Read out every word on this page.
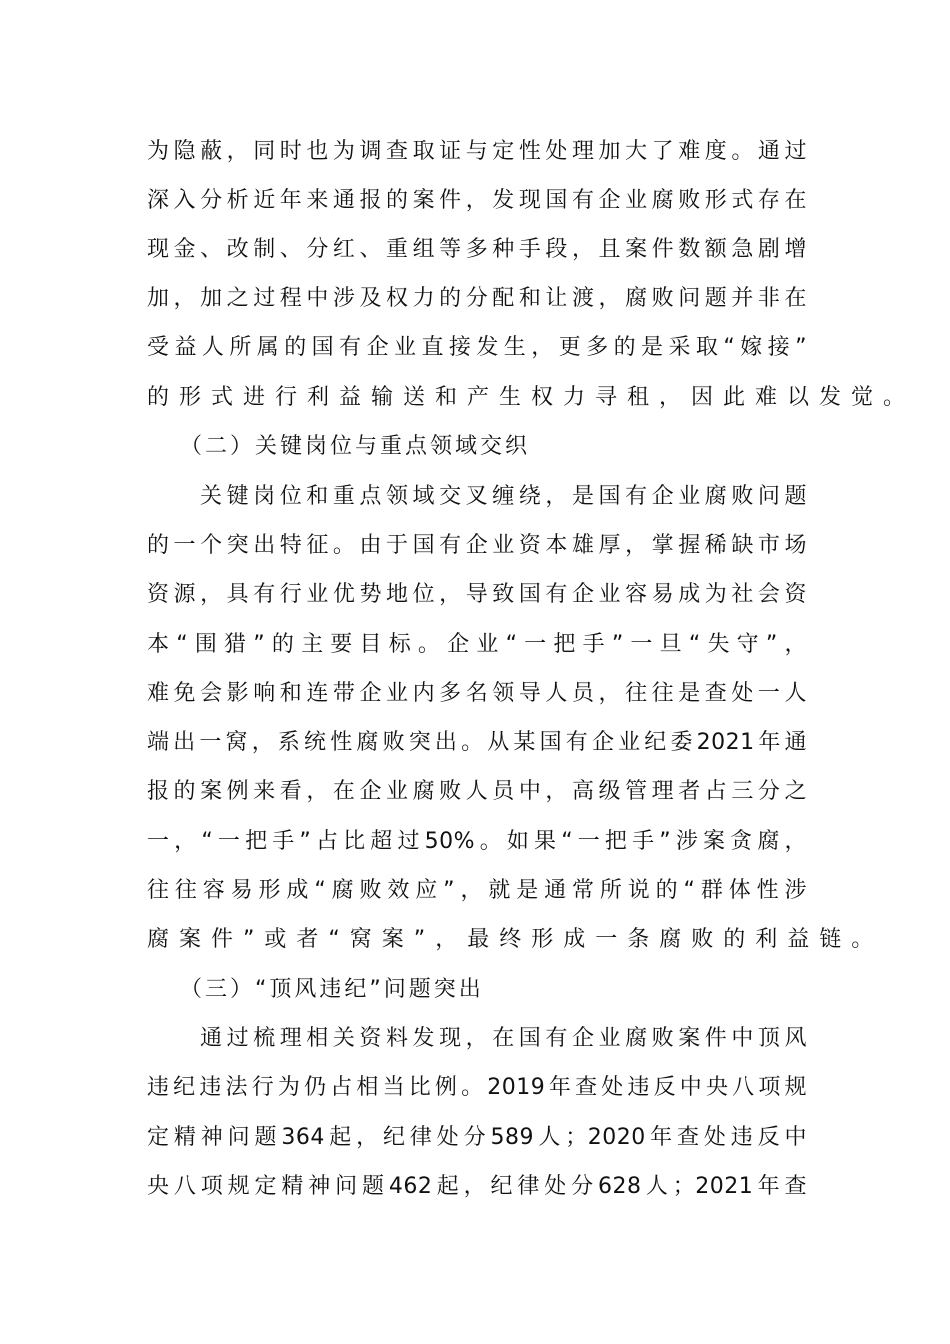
为隐蔽，同时也为调查取证与定性处理加大了难度。通过
深入分析近年来通报的案件，发现国有企业腐败形式存在
现金、改制、分红、重组等多种手段，且案件数额急剧增
加，加之过程中涉及权力的分配和让渡，腐败问题并非在
受益人所属的国有企业直接发生，更多的是采取“嫁接”
的形式进行利益输送和产生权力寻租，因此难以发觉。
（二）关键岗位与重点领域交织
关键岗位和重点领域交叉缠绕，是国有企业腐败问题
的一个突出特征。由于国有企业资本雄厚，掌握稀缺市场
资源，具有行业优势地位，导致国有企业容易成为社会资
本“围猎”的主要目标。企业“一把手”一旦“失守”，
难免会影响和连带企业内多名领导人员，往往是查处一人
端出一窝，系统性腐败突出。从某国有企业纪委2021年通
报的案例来看，在企业腐败人员中，高级管理者占三分之
一，“一把手”占比超过50%。如果“一把手”涉案贪腐，
往往容易形成“腐败效应”，就是通常所说的“群体性涉
腐案件”或者“窝案”，最终形成一条腐败的利益链。
（三）“顶风违纪”问题突出
通过梳理相关资料发现，在国有企业腐败案件中顶风
违纪违法行为仍占相当比例。2019年查处违反中央八项规
定精神问题364起，纪律处分589人；2020年查处违反中
央八项规定精神问题462起，纪律处分628人；2021年查
